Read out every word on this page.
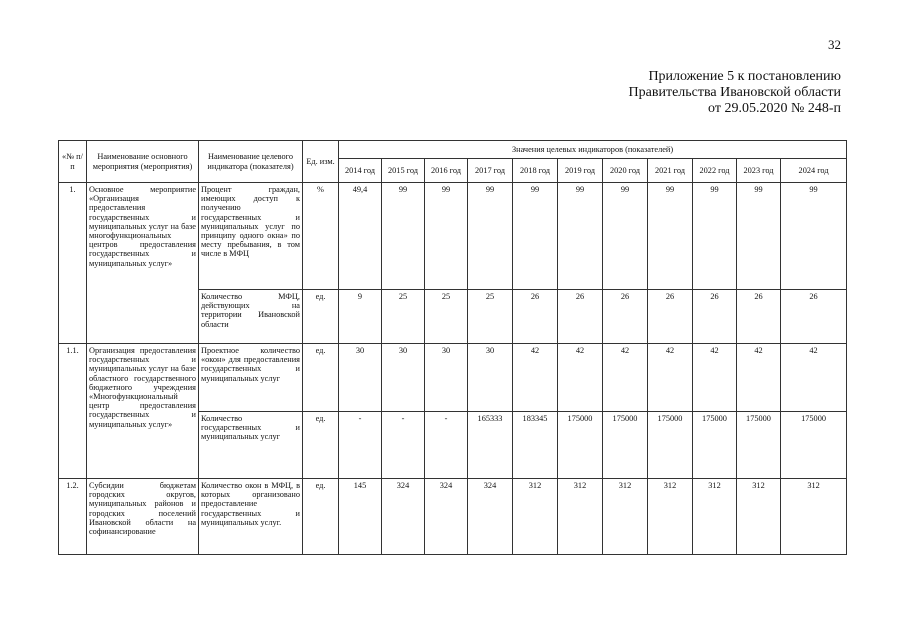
32
Приложение 5 к постановлению
Правительства Ивановской области
от 29.05.2020 № 248-п
«№ п/п	Наименование основного мероприятия (мероприятия)	Наименование целевого индикатора (показателя)	Ед. изм.	Значения целевых индикаторов (показателей)										
				2014 год	2015 год	2016 год	2017 год	2018 год	2019 год	2020 год	2021 год	2022 год	2023 год	2024 год
1.	Основное мероприятие «Организация предоставления государственных и муниципальных услуг на базе многофункциональных центров предоставления государственных и муниципальных услуг»	Процент граждан, имеющих доступ к получению государственных и муниципальных услуг по принципу одного окна» по месту пребывания, в том числе в МФЦ	%	49,4	99	99	99	99	99	99	99	99	99	99
		Количество МФЦ, действующих на территории Ивановской области	ед.	9	25	25	25	26	26	26	26	26	26	26
1.1.	Организация предоставления государственных и муниципальных услуг на базе областного государственного бюджетного учреждения «Многофункциональный центр предоставления государственных и муниципальных услуг»	Проектное количество «окон» для предоставления государственных и муниципальных услуг	ед.	30	30	30	30	42	42	42	42	42	42	42
		Количество государственных и муниципальных услуг	ед.	-	-	-	165333	183345	175000	175000	175000	175000	175000	175000
1.2.	Субсидии бюджетам городских округов, муниципальных районов и городских поселений Ивановской области на софинансирование	Количество окон в МФЦ, в которых организовано предоставление государственных и муниципальных услуг.	ед.	145	324	324	324	312	312	312	312	312	312	312
